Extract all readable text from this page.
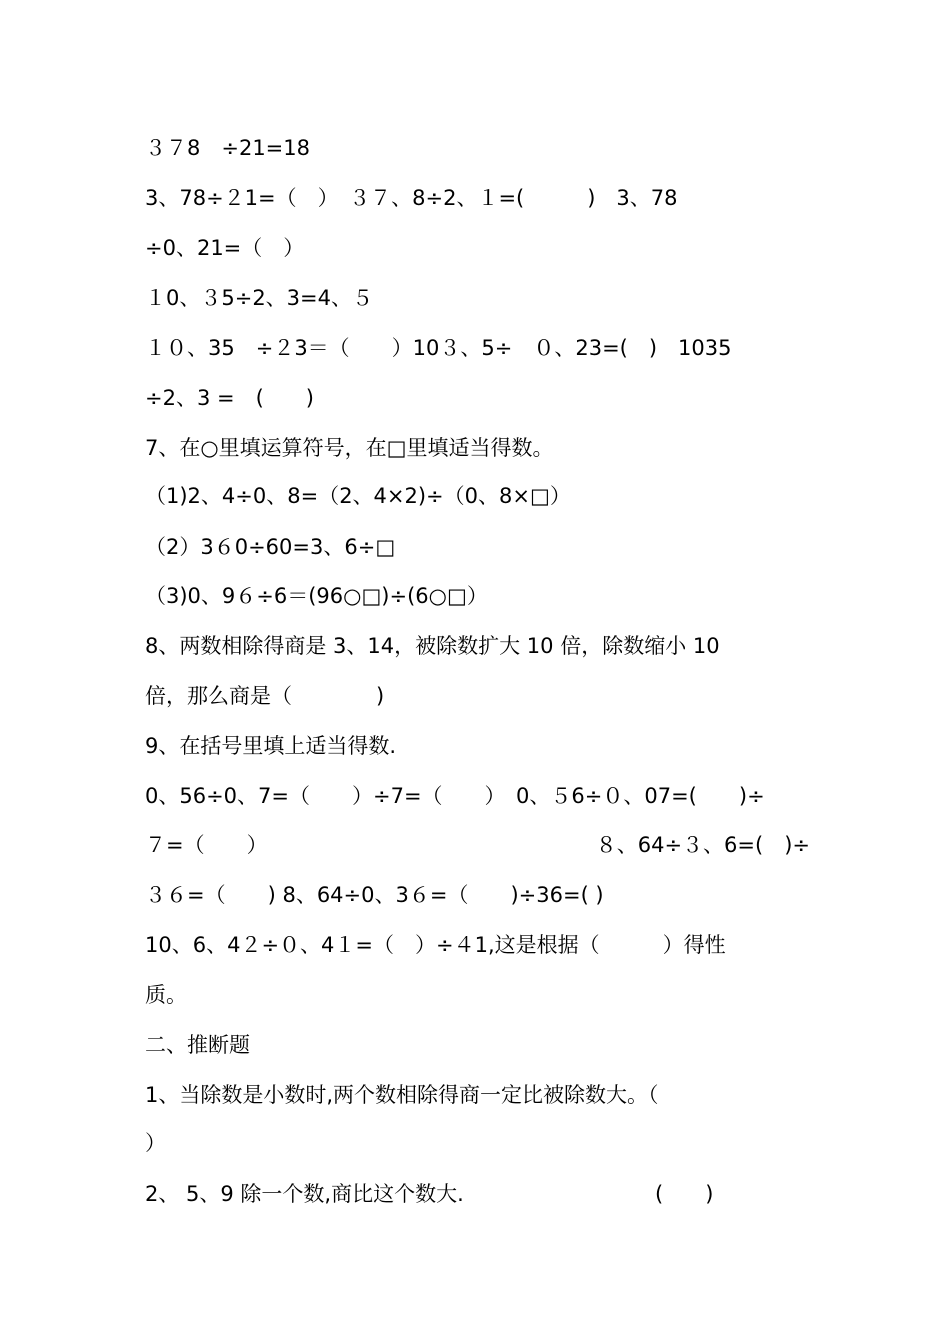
３７8　÷21=18
3、78÷２1=（　）　３７、8÷2、１=(　　　)　3、78
÷0、21=（　）
１0、３5÷2、3=4、５
１０、35　÷２3＝（　　）10３、5÷　０、23=(　)　1035
÷2、3 =　(　　)
7、在○里填运算符号，在□里填适当得数。
（1)2、4÷0、8=（2、4×2)÷（0、8×□）
（2）3６0÷60=3、6÷□
（3)0、9６÷6＝(96○□)÷(6○□）
8、两数相除得商是 3、14，被除数扩大 10 倍，除数缩小 10
倍，那么商是（　　　　)
9、在括号里填上适当得数.
0、56÷0、7=（　　）÷7=（　　）　0、５6÷０、07=(　　)÷
７=（　　）	８、64÷３、6=(　)÷
３６=（　　) 8、64÷0、3６=（　　)÷36=( )
10、6、4２÷０、4１=（　）÷４1,这是根据（　　　）得性
质。
二、推断题
1、当除数是小数时,两个数相除得商一定比被除数大。（
）
2、 5、9 除一个数,商比这个数大.	(　　)
